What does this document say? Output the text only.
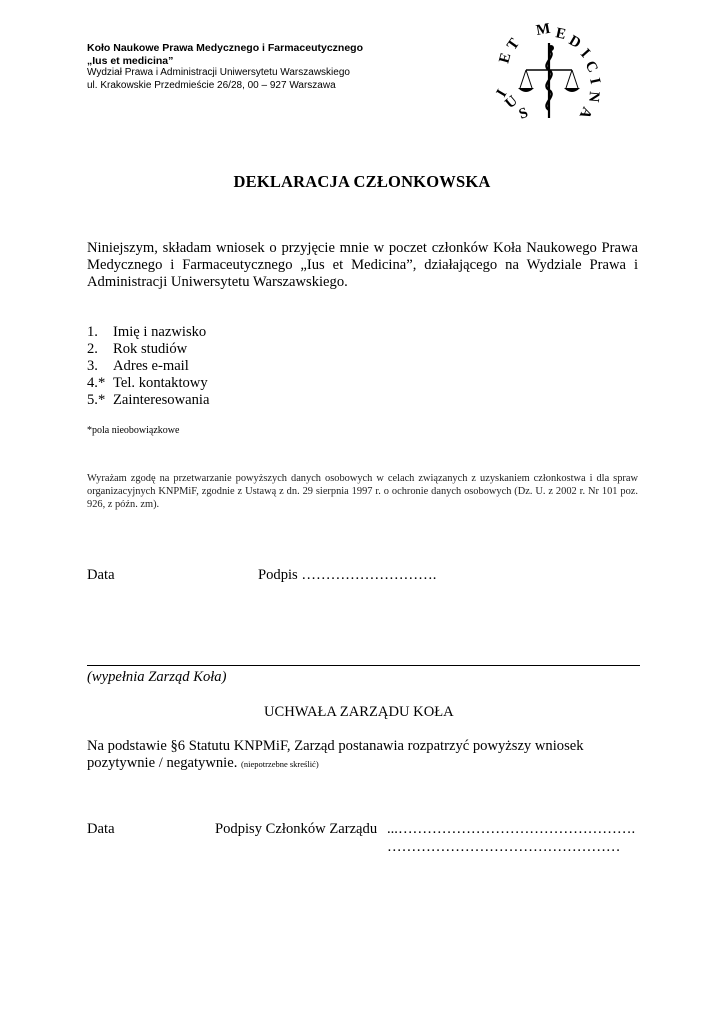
Koło Naukowe Prawa Medycznego i Farmaceutycznego
„Ius et medicina”
Wydział Prawa i Administracji Uniwersytetu Warszawskiego
ul. Krakowskie Przedmieście 26/28, 00 – 927 Warszawa
I
U
S
E
T
M E
D
I
C
I
N
A
DEKLARACJA CZŁONKOWSKA
Niniejszym, składam wniosek o przyjęcie mnie w poczet członków Koła Naukowego Prawa Medycznego i Farmaceutycznego „Ius et Medicina”, działającego na Wydziale Prawa i Administracji Uniwersytetu Warszawskiego.
1. Imię i nazwisko
2. Rok studiów
3. Adres e-mail
4.* Tel. kontaktowy
5.* Zainteresowania
*pola nieobowiązkowe
Wyrażam zgodę na przetwarzanie powyższych danych osobowych w celach związanych z uzyskaniem członkostwa i dla spraw organizacyjnych KNPMiF, zgodnie z Ustawą z dn. 29 sierpnia 1997 r. o ochronie danych osobowych (Dz. U. z 2002 r. Nr 101 poz. 926, z późn. zm).
Data	Podpis ……………………….
(wypełnia Zarząd Koła)
UCHWAŁA ZARZĄDU KOŁA
Na podstawie §6 Statutu KNPMiF, Zarząd postanawia rozpatrzyć powyższy wniosek
pozytywnie / negatywnie. (niepotrzebne skreślić)
Data	Podpisy Członków Zarządu ...………………………………………….
…………………………………………
